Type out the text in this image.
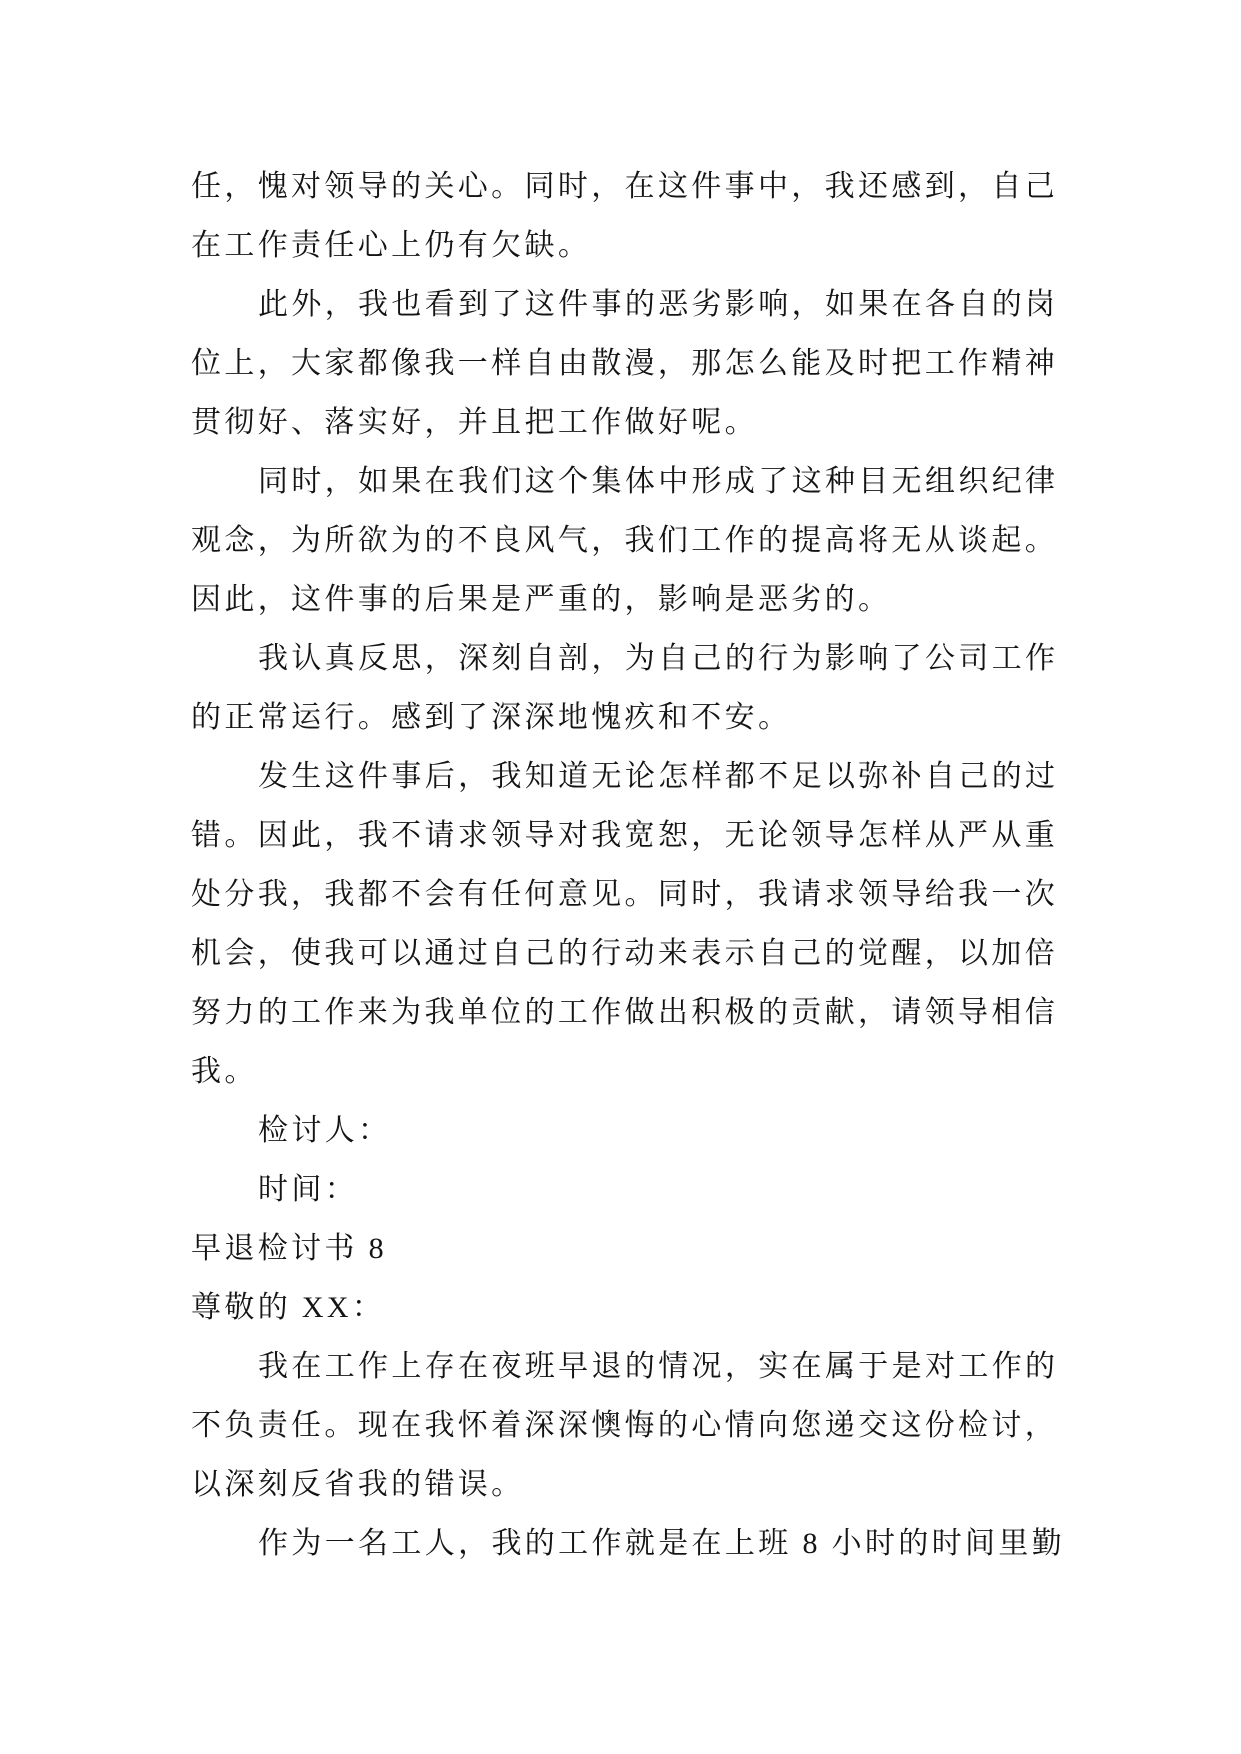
任，愧对领导的关心。同时，在这件事中，我还感到，自己
在工作责任心上仍有欠缺。
此外，我也看到了这件事的恶劣影响，如果在各自的岗
位上，大家都像我一样自由散漫，那怎么能及时把工作精神
贯彻好、落实好，并且把工作做好呢。
同时，如果在我们这个集体中形成了这种目无组织纪律
观念，为所欲为的不良风气，我们工作的提高将无从谈起。
因此，这件事的后果是严重的，影响是恶劣的。
我认真反思，深刻自剖，为自己的行为影响了公司工作
的正常运行。感到了深深地愧疚和不安。
发生这件事后，我知道无论怎样都不足以弥补自己的过
错。因此，我不请求领导对我宽恕，无论领导怎样从严从重
处分我，我都不会有任何意见。同时，我请求领导给我一次
机会，使我可以通过自己的行动来表示自己的觉醒，以加倍
努力的工作来为我单位的工作做出积极的贡献，请领导相信
我。
检讨人：
时间：
早退检讨书 8
尊敬的 XX：
我在工作上存在夜班早退的情况，实在属于是对工作的
不负责任。现在我怀着深深懊悔的心情向您递交这份检讨，
以深刻反省我的错误。
作为一名工人，我的工作就是在上班 8 小时的时间里勤
